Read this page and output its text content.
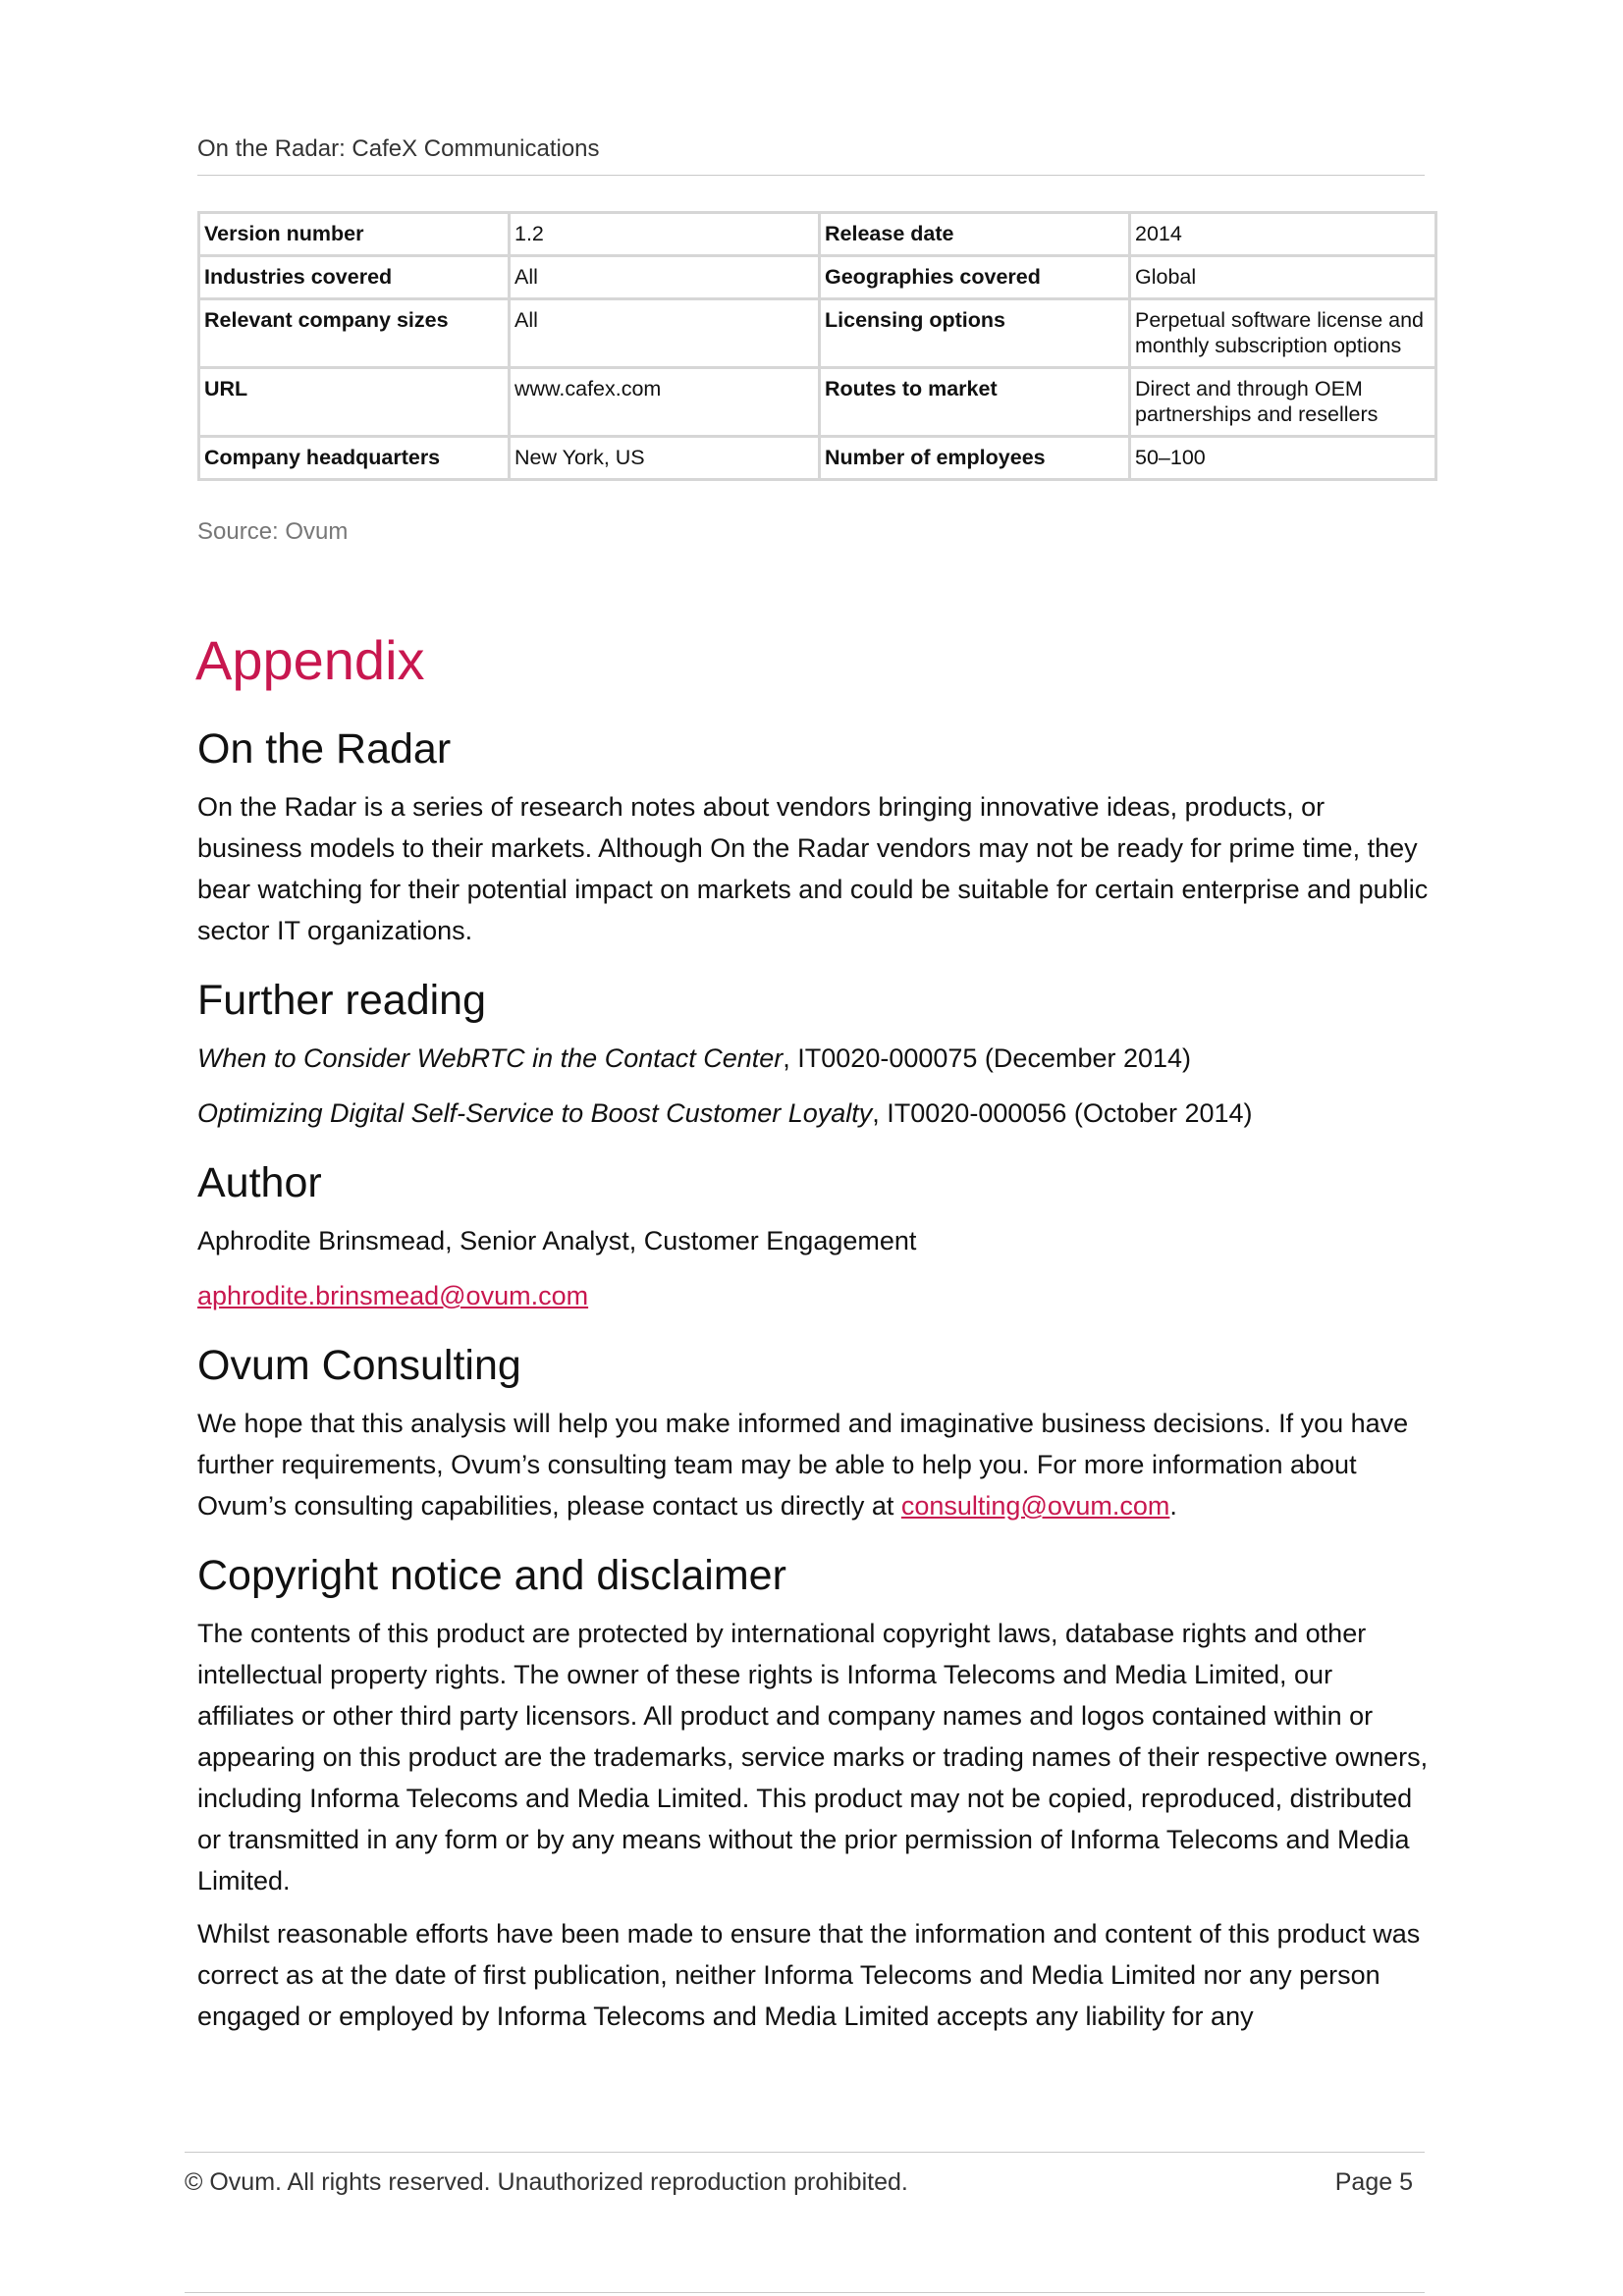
On the Radar: CafeX Communications
Version number	1.2	Release date	2014
Industries covered	All	Geographies covered	Global
Relevant company sizes	All	Licensing options	Perpetual software license and monthly subscription options
URL	www.cafex.com	Routes to market	Direct and through OEM partnerships and resellers
Company headquarters	New York, US	Number of employees	50–100
Source: Ovum
Appendix
On the Radar

On the Radar is a series of research notes about vendors bringing innovative ideas, products, or business models to their markets. Although On the Radar vendors may not be ready for prime time, they bear watching for their potential impact on markets and could be suitable for certain enterprise and public sector IT organizations.

Further reading

When to Consider WebRTC in the Contact Center, IT0020-000075 (December 2014)

Optimizing Digital Self-Service to Boost Customer Loyalty, IT0020-000056 (October 2014)

Author

Aphrodite Brinsmead, Senior Analyst, Customer Engagement

aphrodite.brinsmead@ovum.com

Ovum Consulting

We hope that this analysis will help you make informed and imaginative business decisions. If you have further requirements, Ovum’s consulting team may be able to help you. For more information about Ovum’s consulting capabilities, please contact us directly at consulting@ovum.com.

Copyright notice and disclaimer

The contents of this product are protected by international copyright laws, database rights and other intellectual property rights. The owner of these rights is Informa Telecoms and Media Limited, our affiliates or other third party licensors. All product and company names and logos contained within or appearing on this product are the trademarks, service marks or trading names of their respective owners, including Informa Telecoms and Media Limited. This product may not be copied, reproduced, distributed or transmitted in any form or by any means without the prior permission of Informa Telecoms and Media Limited.

Whilst reasonable efforts have been made to ensure that the information and content of this product was correct as at the date of first publication, neither Informa Telecoms and Media Limited nor any person engaged or employed by Informa Telecoms and Media Limited accepts any liability for any

© Ovum. All rights reserved. Unauthorized reproduction prohibited.	Page 5
